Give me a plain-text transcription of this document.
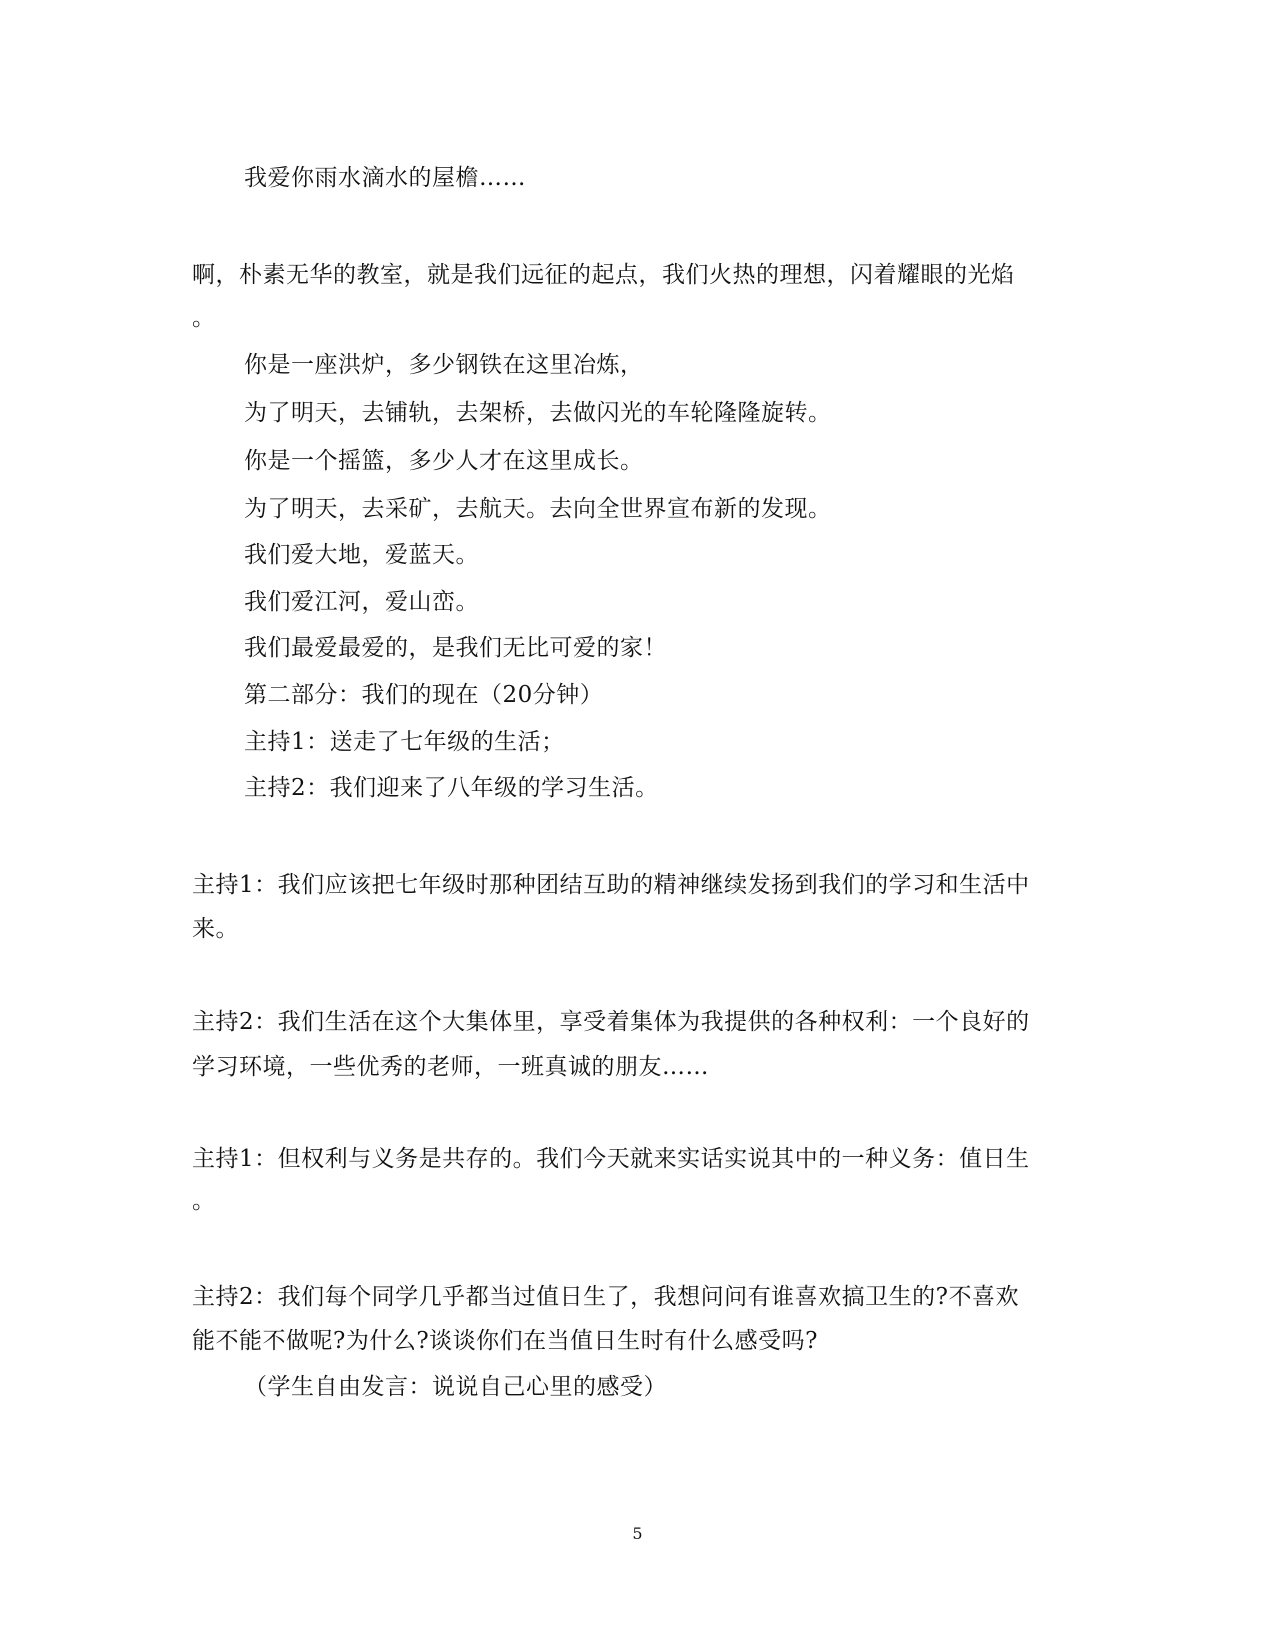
我爱你雨水滴水的屋檐……
啊，朴素无华的教室，就是我们远征的起点，我们火热的理想，闪着耀眼的光焰
。
你是一座洪炉，多少钢铁在这里冶炼，
为了明天，去铺轨，去架桥，去做闪光的车轮隆隆旋转。
你是一个摇篮，多少人才在这里成长。
为了明天，去采矿，去航天。去向全世界宣布新的发现。
我们爱大地，爱蓝天。
我们爱江河，爱山峦。
我们最爱最爱的，是我们无比可爱的家！
第二部分：我们的现在（20分钟）
主持1：送走了七年级的生活；
主持2：我们迎来了八年级的学习生活。
主持1：我们应该把七年级时那种团结互助的精神继续发扬到我们的学习和生活中
来。
主持2：我们生活在这个大集体里，享受着集体为我提供的各种权利：一个良好的
学习环境，一些优秀的老师，一班真诚的朋友……
主持1：但权利与义务是共存的。我们今天就来实话实说其中的一种义务：值日生
。
主持2：我们每个同学几乎都当过值日生了，我想问问有谁喜欢搞卫生的?不喜欢
能不能不做呢?为什么?谈谈你们在当值日生时有什么感受吗?
（学生自由发言：说说自己心里的感受）
5
